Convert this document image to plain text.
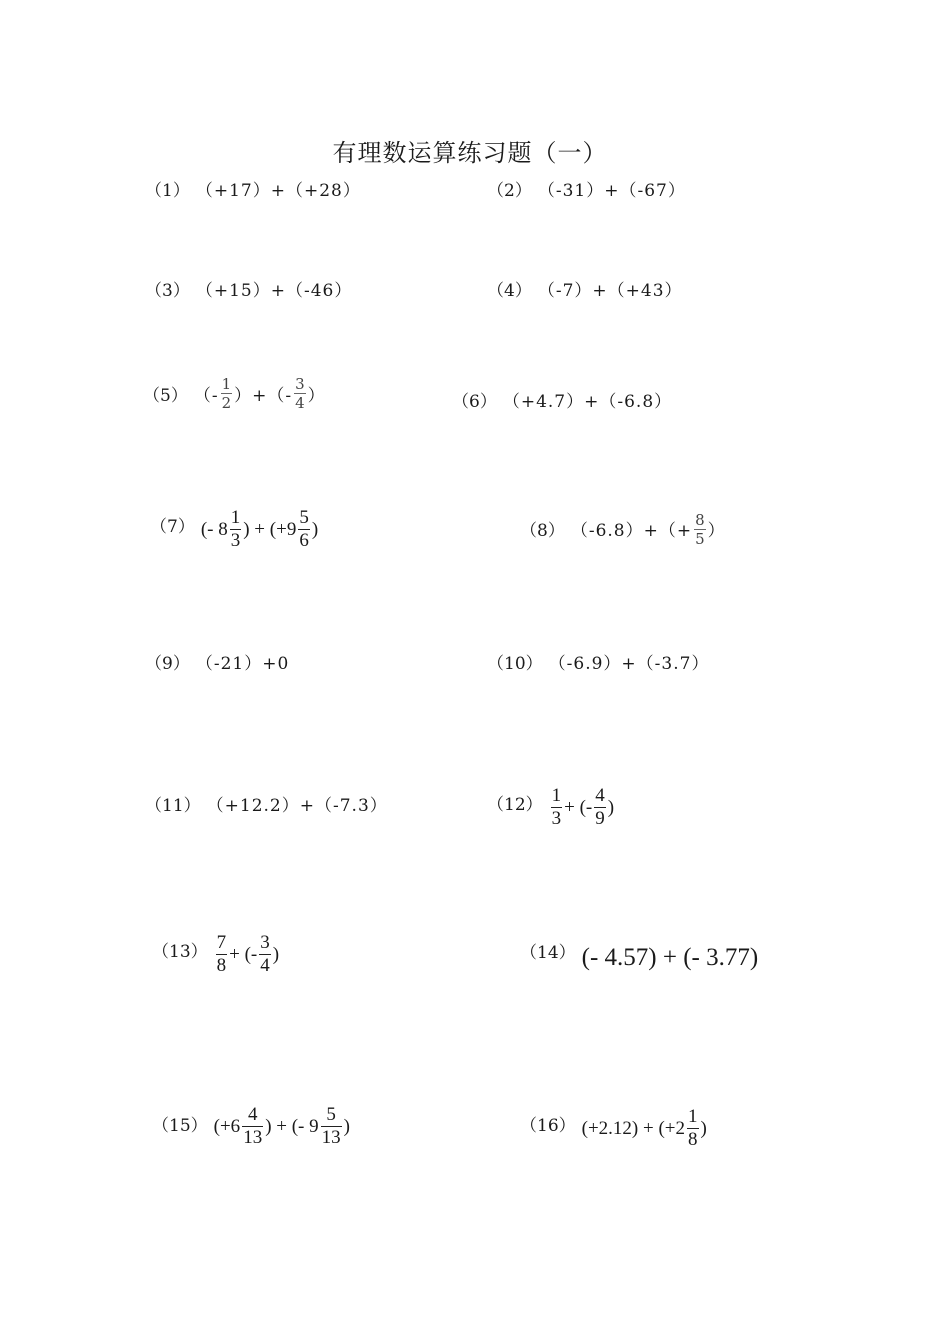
有理数运算练习题（一）
（1） （+17）+（+28）	（2） （-31）+（-67）
（3） （+15）+（-46）	（4） （-7）+（+43）
（5） （- $\frac{1}{2}$ ）+（- $\frac{3}{4}$ ）	（6） （+4.7）+（-6.8）
（7） (- $8 \frac{1}{3}$ ) + ($+9 \frac{5}{6}$ )	（8） $(-6.8)+(+ \frac{8}{5}$ ）
（9） （-21）+0	（10） （-6.9）+（-3.7）
（11） （+12.2）+（-7.3）	$(12) \frac{1}{3}$ + (- $\frac{4}{9}$ )
$(13) \frac{7}{8}$ + (- $\frac{3}{4}$ )	（14） (- 4.57) + (- 3.77)
（15） ($+6 \frac{4}{13}$ ) + (- $9 \frac{5}{13}$ )	（16） $(+2.12) + (+2 \frac{1}{8}$ )
